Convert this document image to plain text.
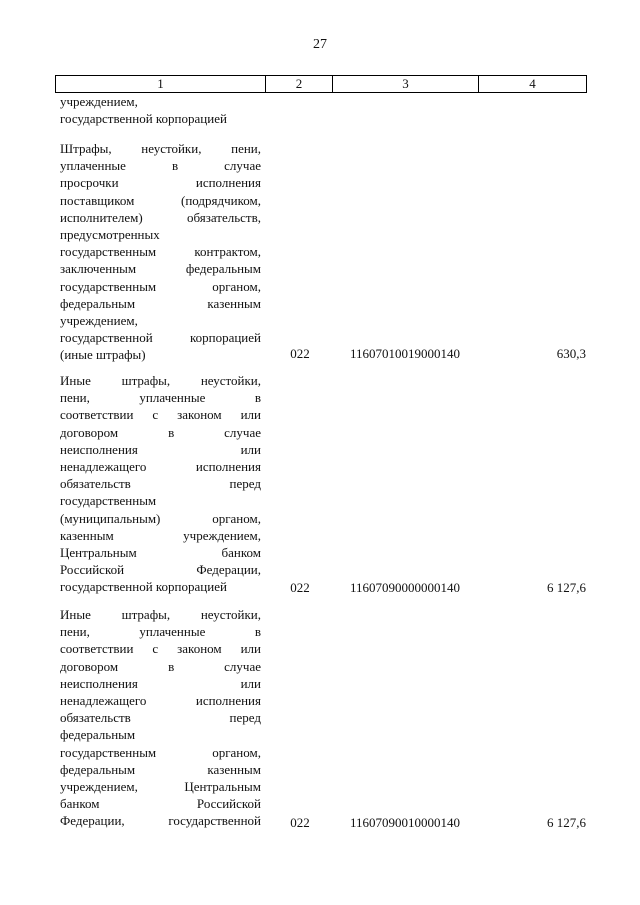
27
1	2	3	4
учреждением,
государственной корпорацией
Штрафы, неустойки, пени,
уплаченные в случае
просрочки исполнения
поставщиком (подрядчиком,
исполнителем) обязательств,
предусмотренных
государственным контрактом,
заключенным федеральным
государственным органом,
федеральным казенным
учреждением,
государственной корпорацией
(иные штрафы)	022	11607010019000140	630,3
Иные штрафы, неустойки,
пени, уплаченные в
соответствии с законом или
договором в случае
неисполнения или
ненадлежащего исполнения
обязательств перед
государственным
(муниципальным) органом,
казенным учреждением,
Центральным банком
Российской Федерации,
государственной корпорацией	022	11607090000000140	6 127,6
Иные штрафы, неустойки,
пени, уплаченные в
соответствии с законом или
договором в случае
неисполнения или
ненадлежащего исполнения
обязательств перед
федеральным
государственным органом,
федеральным казенным
учреждением, Центральным
банком Российской
Федерации, государственной	022	11607090010000140	6 127,6
